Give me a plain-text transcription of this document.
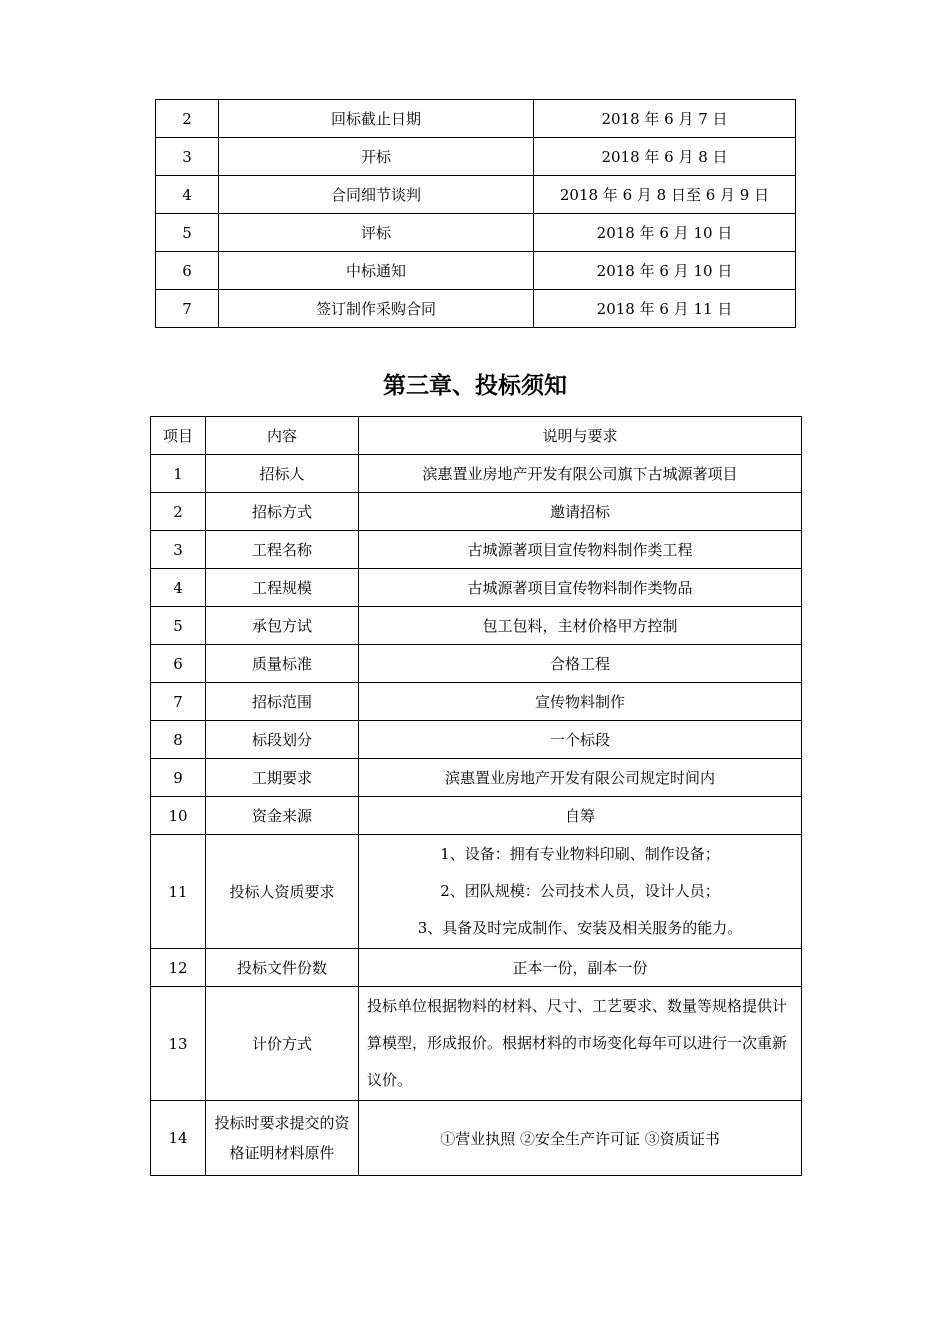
2	回标截止日期	2018 年 6 月 7 日
3	开标	2018 年 6 月 8 日
4	合同细节谈判	2018 年 6 月 8 日至 6 月 9 日
5	评标	2018 年 6 月 10 日
6	中标通知	2018 年 6 月 10 日
7	签订制作采购合同	2018 年 6 月 11 日
第三章、投标须知
项目	内容	说明与要求
1	招标人	滨惠置业房地产开发有限公司旗下古城源著项目
2	招标方式	邀请招标
3	工程名称	古城源著项目宣传物料制作类工程
4	工程规模	古城源著项目宣传物料制作类物品
5	承包方试	包工包料，主材价格甲方控制
6	质量标准	合格工程
7	招标范围	宣传物料制作
8	标段划分	一个标段
9	工期要求	滨惠置业房地产开发有限公司规定时间内
10	资金来源	自筹
11	投标人资质要求	1、设备：拥有专业物料印刷、制作设备；
2、团队规模：公司技术人员，设计人员；
3、具备及时完成制作、安装及相关服务的能力。

12	投标文件份数	正本一份，副本一份
13	计价方式	投标单位根据物料的材料、尺寸、工艺要求、数量等规格提供计算模型，形成报价。根据材料的市场变化每年可以进行一次重新议价。
14	投标时要求提交的资格证明材料原件	①营业执照 ②安全生产许可证 ③资质证书
